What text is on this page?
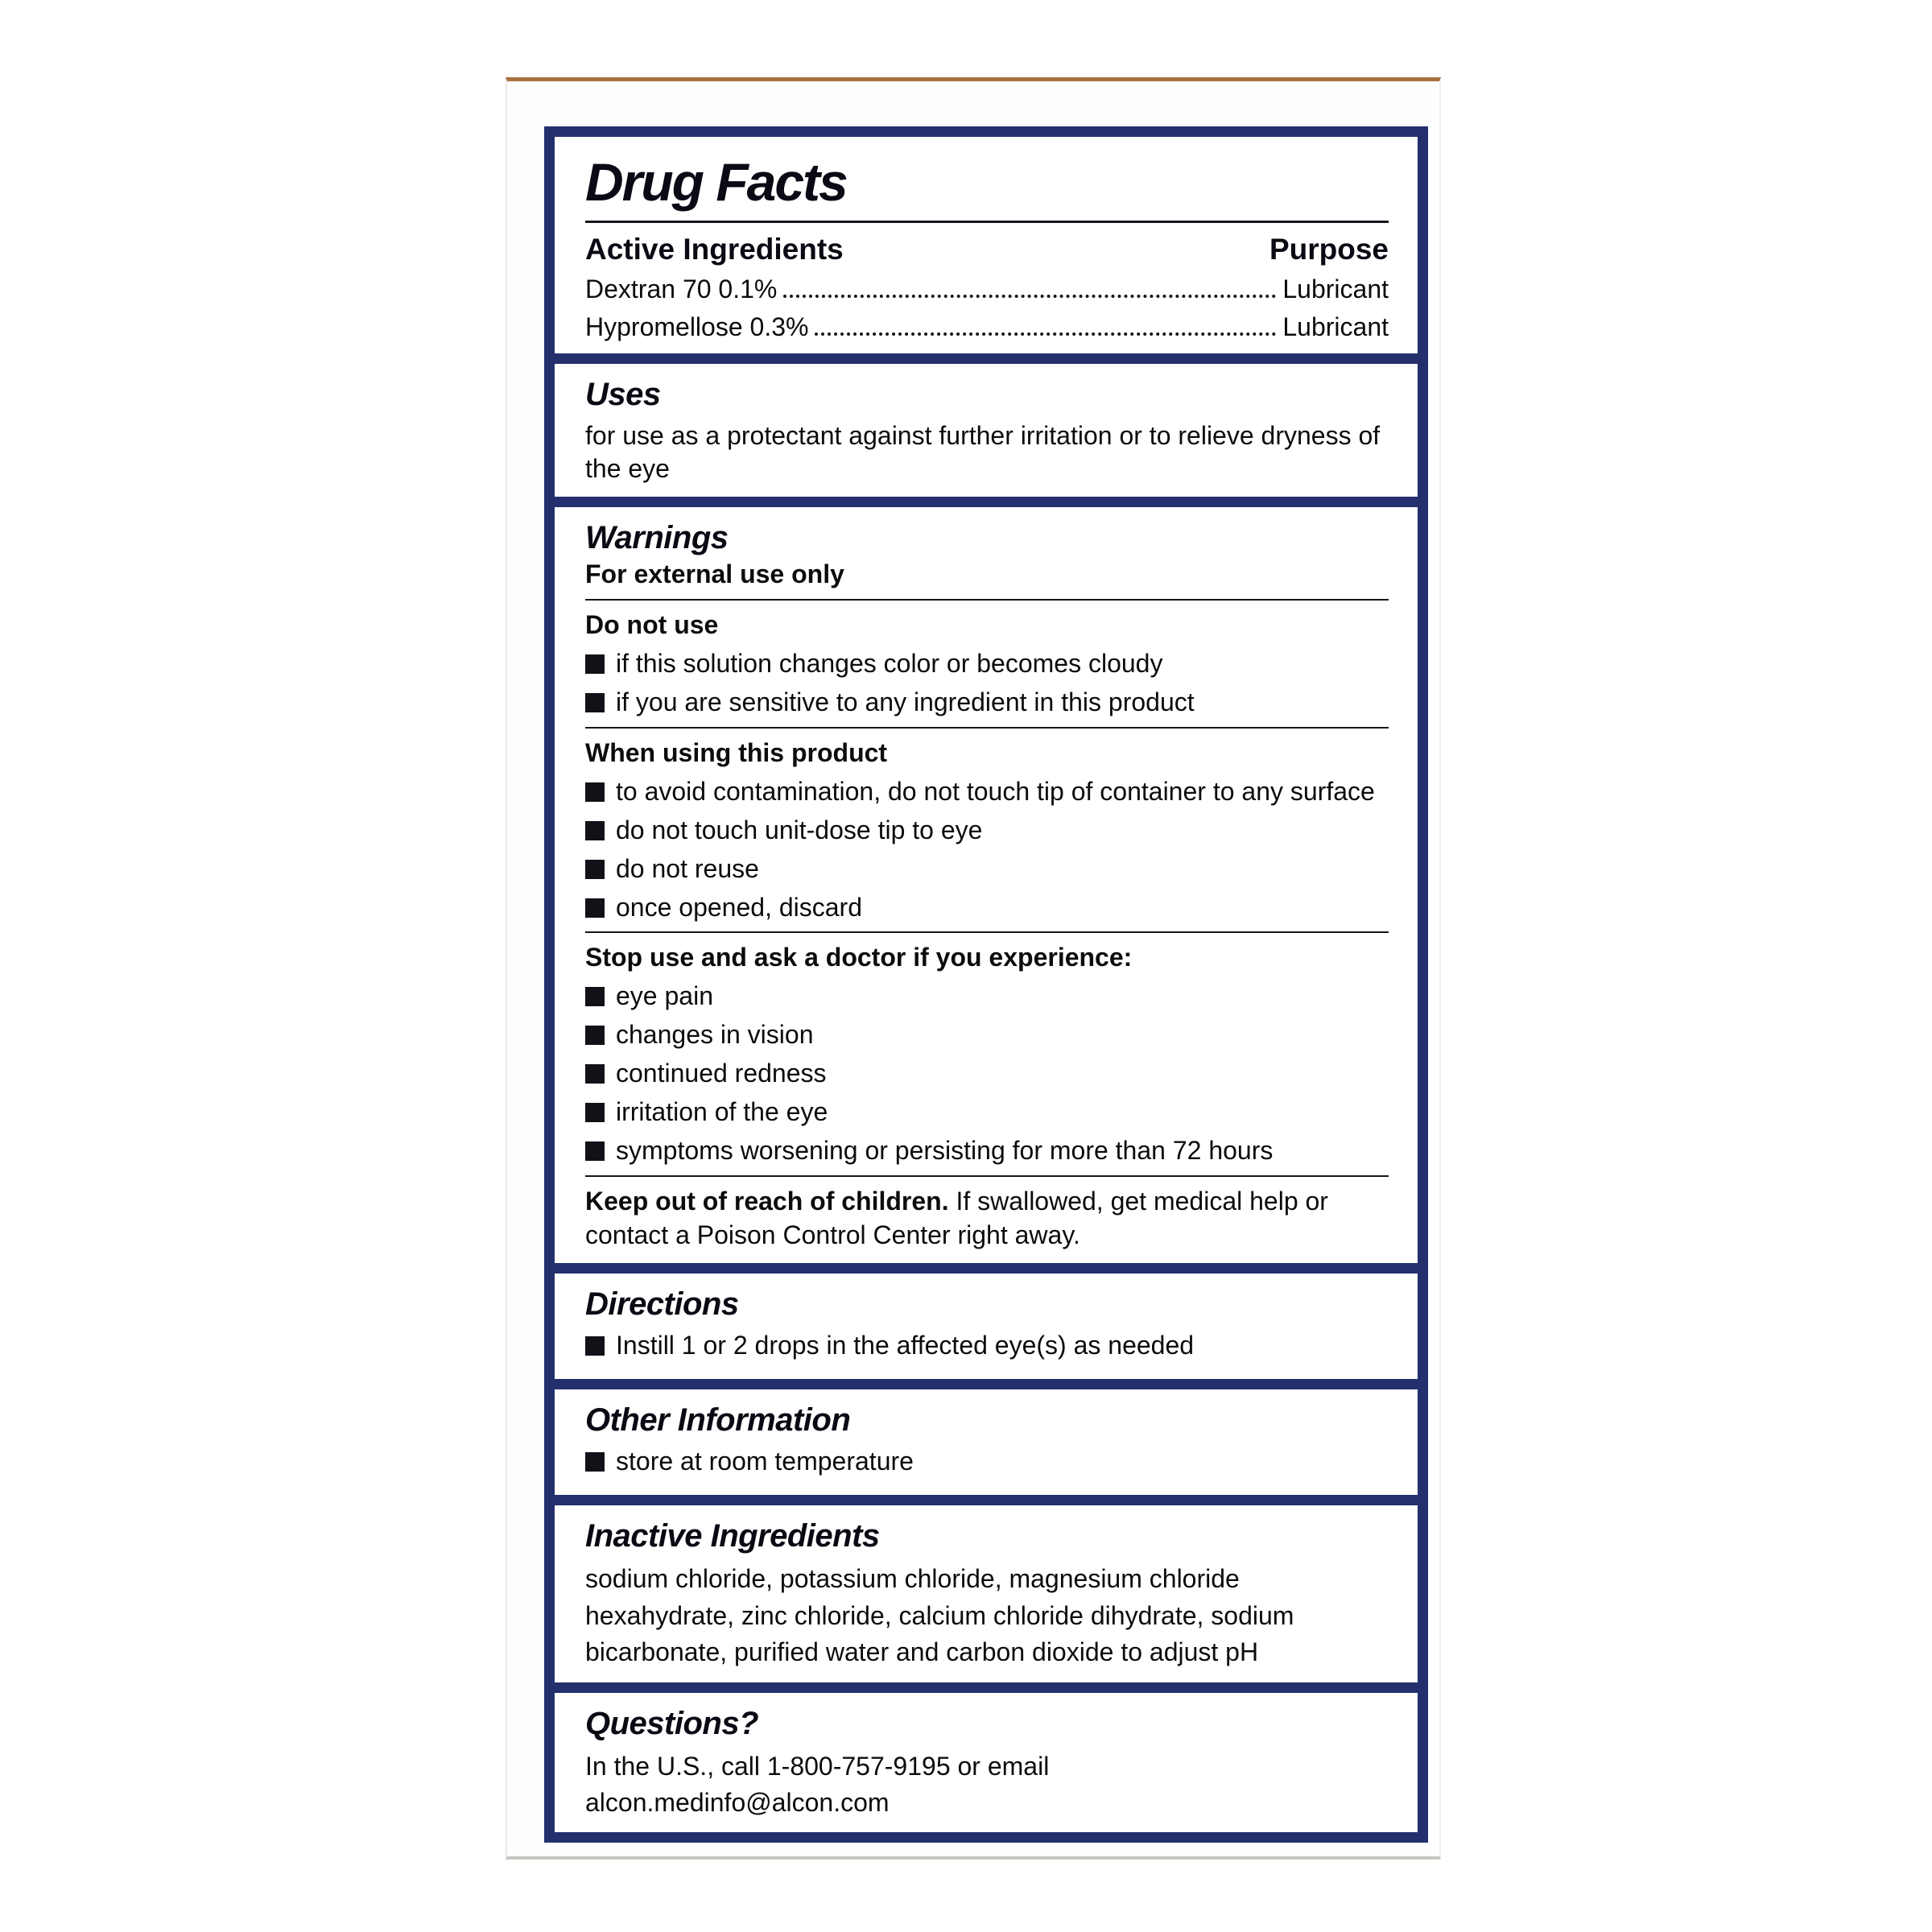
Drug Facts
Active Ingredients	Purpose
Dextran 70 0.1%	Lubricant
Hypromellose 0.3%	Lubricant
Uses
for use as a protectant against further irritation or to relieve dryness of the eye
Warnings
For external use only
Do not use
if this solution changes color or becomes cloudy
if you are sensitive to any ingredient in this product
When using this product
to avoid contamination, do not touch tip of container to any surface
do not touch unit-dose tip to eye
do not reuse
once opened, discard
Stop use and ask a doctor if you experience:
eye pain
changes in vision
continued redness
irritation of the eye
symptoms worsening or persisting for more than 72 hours
Keep out of reach of children. If swallowed, get medical help or contact a Poison Control Center right away.
Directions
Instill 1 or 2 drops in the affected eye(s) as needed
Other Information
store at room temperature
Inactive Ingredients
sodium chloride, potassium chloride, magnesium chloride hexahydrate, zinc chloride, calcium chloride dihydrate, sodium bicarbonate, purified water and carbon dioxide to adjust pH
Questions?
In the U.S., call 1-800-757-9195 or email
alcon.medinfo@alcon.com
